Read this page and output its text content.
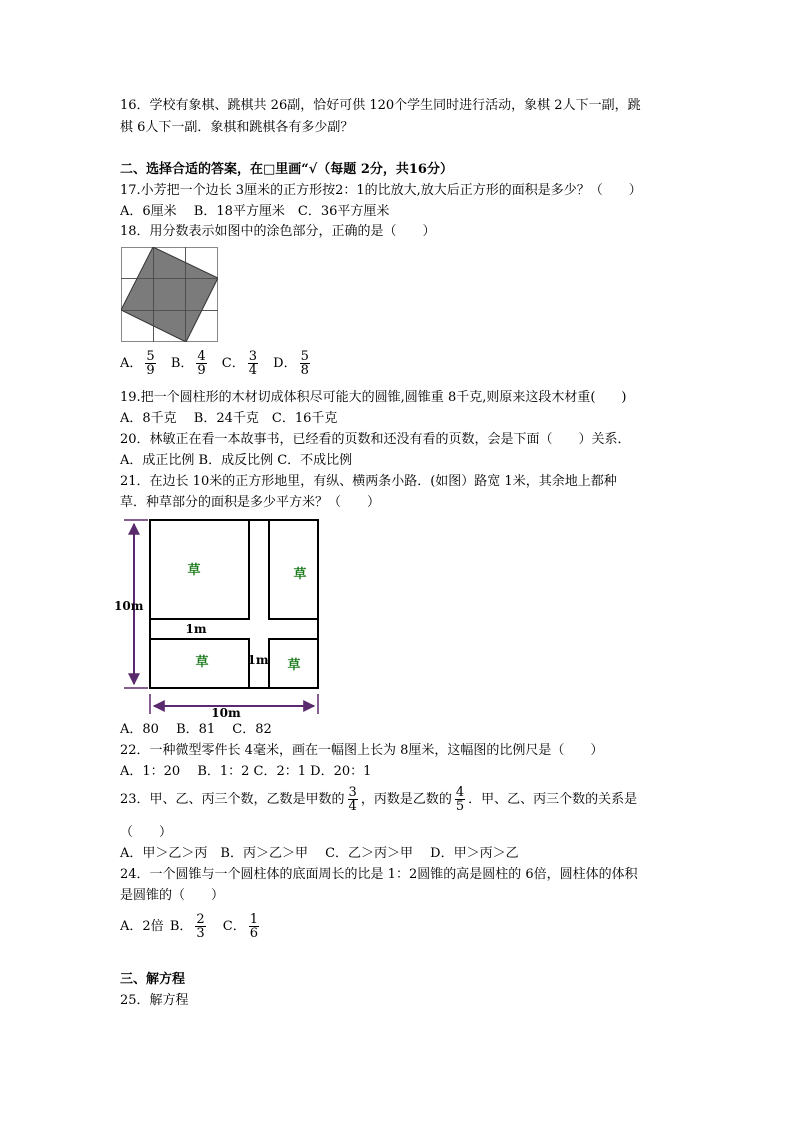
16．学校有象棋、跳棋共 26副，恰好可供 120个学生同时进行活动，象棋 2人下一副，跳
棋 6人下一副．象棋和跳棋各有多少副？
二、选择合适的答案，在□里画“√（每题 2分，共16分）
17.小芳把一个边长 3厘米的正方形按2：1的比放大,放大后正方形的面积是多少？（　　）
A．6厘米　 B．18平方厘米　C．36平方厘米
18．用分数表示如图中的涂色部分，正确的是（　　）
A． $\frac{5}{9}$ B． $\frac{4}{9}$ C． $\frac{3}{4}$ D． $\frac{5}{8}$
19.把一个圆柱形的木材切成体积尽可能大的圆锥,圆锥重 8千克,则原来这段木材重(　　)
A．8千克　 B．24千克　C．16千克
20．林敏正在看一本故事书，已经看的页数和还没有看的页数，会是下面（　　）关系．
A．成正比例 B．成反比例 C．不成比例
21．在边长 10米的正方形地里，有纵、横两条小路．(如图）路宽 1米，其余地上都种
草．种草部分的面积是多少平方米？（　　）
草	草
草	草
1m
1m
10m
10m
A．80　 B．81　 C．82
22．一种微型零件长 4毫米，画在一幅图上长为 8厘米，这幅图的比例尺是（　　）
A．1：20　 B．1：2 C．2：1 D．20：1
23．甲、乙、丙三个数，乙数是甲数的 $\frac{3}{4}$ ，丙数是乙数的 $\frac{4}{5}$ ．甲、乙、丙三个数的关系是
（　　）
A．甲＞乙＞丙　B．丙＞乙＞甲　 C．乙＞丙＞甲　 D．甲＞丙＞乙
24．一个圆锥与一个圆柱体的底面周长的比是 1：2圆锥的高是圆柱的 6倍，圆柱体的体积
是圆锥的（　　）
A．2倍 B． $\frac{2}{3}$ C． $\frac{1}{6}$
三、解方程
25．解方程
